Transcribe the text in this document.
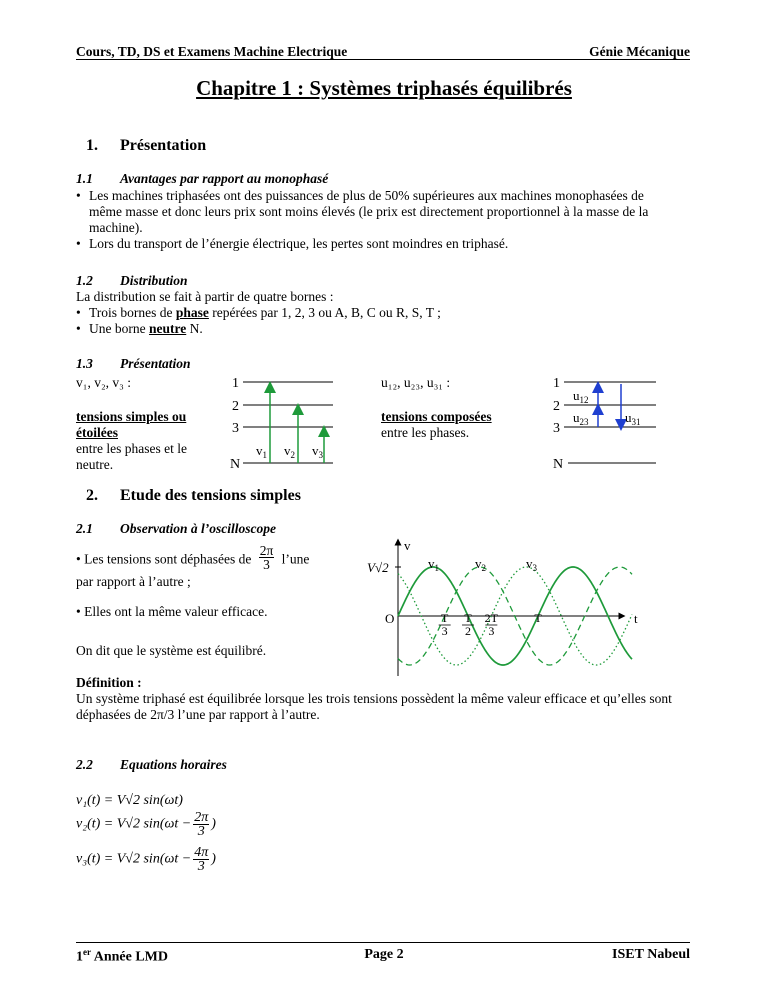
Cours, TD, DS et Examens Machine Electrique	Génie Mécanique
Chapitre 1 : Systèmes triphasés équilibrés
1. Présentation
1.1 Avantages par rapport au monophasé
• Les machines triphasées ont des puissances de plus de 50% supérieures aux machines monophasées de même masse et donc leurs prix sont moins élevés (le prix est directement proportionnel à la masse de la machine).
• Lors du transport de l’énergie électrique, les pertes sont moindres en triphasé.
1.2 Distribution
La distribution se fait à partir de quatre bornes :
• Trois bornes de phase repérées par 1, 2, 3 ou A, B, C ou R, S, T ;
• Une borne neutre N.
1.3 Présentation
v₁, v₂, v₃ :
tensions simples ou étoilées
entre les phases et le neutre.
u₁₂, u₂₃, u₃₁ :
tensions composées
entre les phases.
1
2
3
N
$v_1$ $v_2$ $v_3$
1
2
3
N
$u_{12}$
$u_{23}$	$u_{31}$
2. Etude des tensions simples
2.1 Observation à l’oscilloscope
• Les tensions sont déphasées de $\frac{2\pi}{3}$ l’une
par rapport à l’autre ;
• Elles ont la même valeur efficace.
On dit que le système est équilibré.
v
t
O
V√2	$v_1$	$v_2$	$v_3$
T
3
T
2
2T
3
T
Définition :
Un système triphasé est équilibrée lorsque les trois tensions possèdent la même valeur efficace et qu’elles sont déphasées de 2π/3 l’une par rapport à l’autre.
2.2 Equations horaires
v₁(t) = V√2 sin(ωt)
v₂(t) = V√2 $\sin(\omega t - \frac{2\pi}{3}$ )
v₃(t) = V√2 $\sin(\omega t - \frac{4\pi}{3}$ )
1er Année LMD	Page 2	ISET Nabeul
